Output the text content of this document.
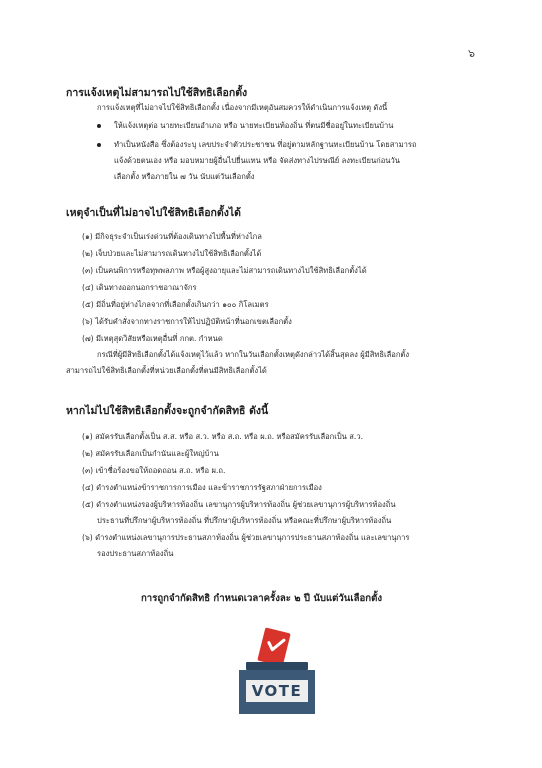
๖
การแจ้งเหตุไม่สามารถไปใช้สิทธิเลือกตั้ง
การแจ้งเหตุที่ไม่อาจไปใช้สิทธิเลือกตั้ง เนื่องจากมีเหตุอันสมควรให้ดำเนินการแจ้งเหตุ ดังนี้
ให้แจ้งเหตุต่อ นายทะเบียนอำเภอ หรือ นายทะเบียนท้องถิ่น ที่ตนมีชื่ออยู่ในทะเบียนบ้าน
ทำเป็นหนังสือ ซึ่งต้องระบุ เลขประจำตัวประชาชน ที่อยู่ตามหลักฐานทะเบียนบ้าน โดยสามารถ
แจ้งด้วยตนเอง หรือ มอบหมายผู้อื่นไปยื่นแทน หรือ จัดส่งทางไปรษณีย์ ลงทะเบียนก่อนวัน
เลือกตั้ง หรือภายใน ๗ วัน นับแต่วันเลือกตั้ง
เหตุจำเป็นที่ไม่อาจไปใช้สิทธิเลือกตั้งได้
(๑) มีกิจธุระจำเป็นเร่งด่วนที่ต้องเดินทางไปพื้นที่ห่างไกล
(๒) เจ็บป่วยและไม่สามารถเดินทางไปใช้สิทธิเลือกตั้งได้
(๓) เป็นคนพิการหรือทุพพลภาพ หรือผู้สูงอายุและไม่สามารถเดินทางไปใช้สิทธิเลือกตั้งได้
(๔) เดินทางออกนอกราชอาณาจักร
(๕) มีถิ่นที่อยู่ห่างไกลจากที่เลือกตั้งเกินกว่า ๑๐๐ กิโลเมตร
(๖) ได้รับคำสั่งจากทางราชการให้ไปปฏิบัติหน้าที่นอกเขตเลือกตั้ง
(๗) มีเหตุสุดวิสัยหรือเหตุอื่นที่ กกต. กำหนด
กรณีที่ผู้มีสิทธิเลือกตั้งได้แจ้งเหตุไว้แล้ว หากในวันเลือกตั้งเหตุดังกล่าวได้สิ้นสุดลง ผู้มีสิทธิเลือกตั้ง
สามารถไปใช้สิทธิเลือกตั้งที่หน่วยเลือกตั้งที่ตนมีสิทธิเลือกตั้งได้
หากไม่ไปใช้สิทธิเลือกตั้งจะถูกจำกัดสิทธิ ดังนี้
(๑) สมัครรับเลือกตั้งเป็น ส.ส. หรือ ส.ว. หรือ ส.ถ. หรือ ผ.ถ. หรือสมัครรับเลือกเป็น ส.ว.
(๒) สมัครรับเลือกเป็นกำนันและผู้ใหญ่บ้าน
(๓) เข้าชื่อร้องขอให้ถอดถอน ส.ถ. หรือ ผ.ถ.
(๔) ดำรงตำแหน่งข้าราชการการเมือง และข้าราชการรัฐสภาฝ่ายการเมือง
(๕) ดำรงตำแหน่งรองผู้บริหารท้องถิ่น เลขานุการผู้บริหารท้องถิ่น ผู้ช่วยเลขานุการผู้บริหารท้องถิ่น
ประธานที่ปรึกษาผู้บริหารท้องถิ่น ที่ปรึกษาผู้บริหารท้องถิ่น หรือคณะที่ปรึกษาผู้บริหารท้องถิ่น
(๖) ดำรงตำแหน่งเลขานุการประธานสภาท้องถิ่น ผู้ช่วยเลขานุการประธานสภาท้องถิ่น และเลขานุการ
รองประธานสภาท้องถิ่น
การถูกจำกัดสิทธิ กำหนดเวลาครั้งละ ๒ ปี นับแต่วันเลือกตั้ง
VOTE
